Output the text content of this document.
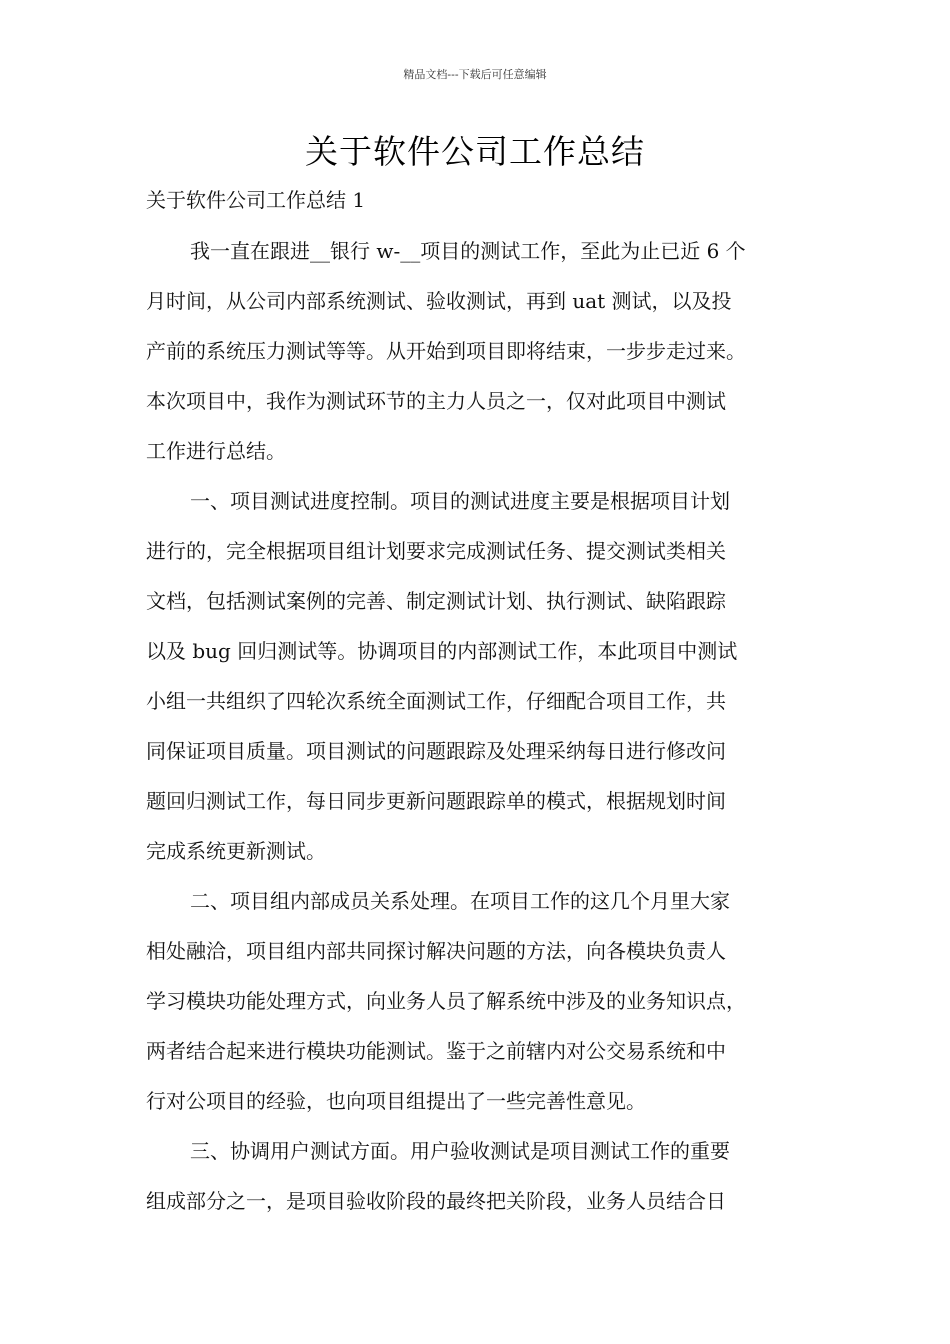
精品文档---下载后可任意编辑
关于软件公司工作总结
关于软件公司工作总结 1
我一直在跟进__银行 w-__项目的测试工作，至此为止已近 6 个
月时间，从公司内部系统测试、验收测试，再到 uat 测试，以及投
产前的系统压力测试等等。从开始到项目即将结束，一步步走过来。
本次项目中，我作为测试环节的主力人员之一，仅对此项目中测试
工作进行总结。
一、项目测试进度控制。项目的测试进度主要是根据项目计划
进行的，完全根据项目组计划要求完成测试任务、提交测试类相关
文档，包括测试案例的完善、制定测试计划、执行测试、缺陷跟踪
以及 bug 回归测试等。协调项目的内部测试工作，本此项目中测试
小组一共组织了四轮次系统全面测试工作，仔细配合项目工作，共
同保证项目质量。项目测试的问题跟踪及处理采纳每日进行修改问
题回归测试工作，每日同步更新问题跟踪单的模式，根据规划时间
完成系统更新测试。
二、项目组内部成员关系处理。在项目工作的这几个月里大家
相处融洽，项目组内部共同探讨解决问题的方法，向各模块负责人
学习模块功能处理方式，向业务人员了解系统中涉及的业务知识点，
两者结合起来进行模块功能测试。鉴于之前辖内对公交易系统和中
行对公项目的经验，也向项目组提出了一些完善性意见。
三、协调用户测试方面。用户验收测试是项目测试工作的重要
组成部分之一，是项目验收阶段的最终把关阶段，业务人员结合日
